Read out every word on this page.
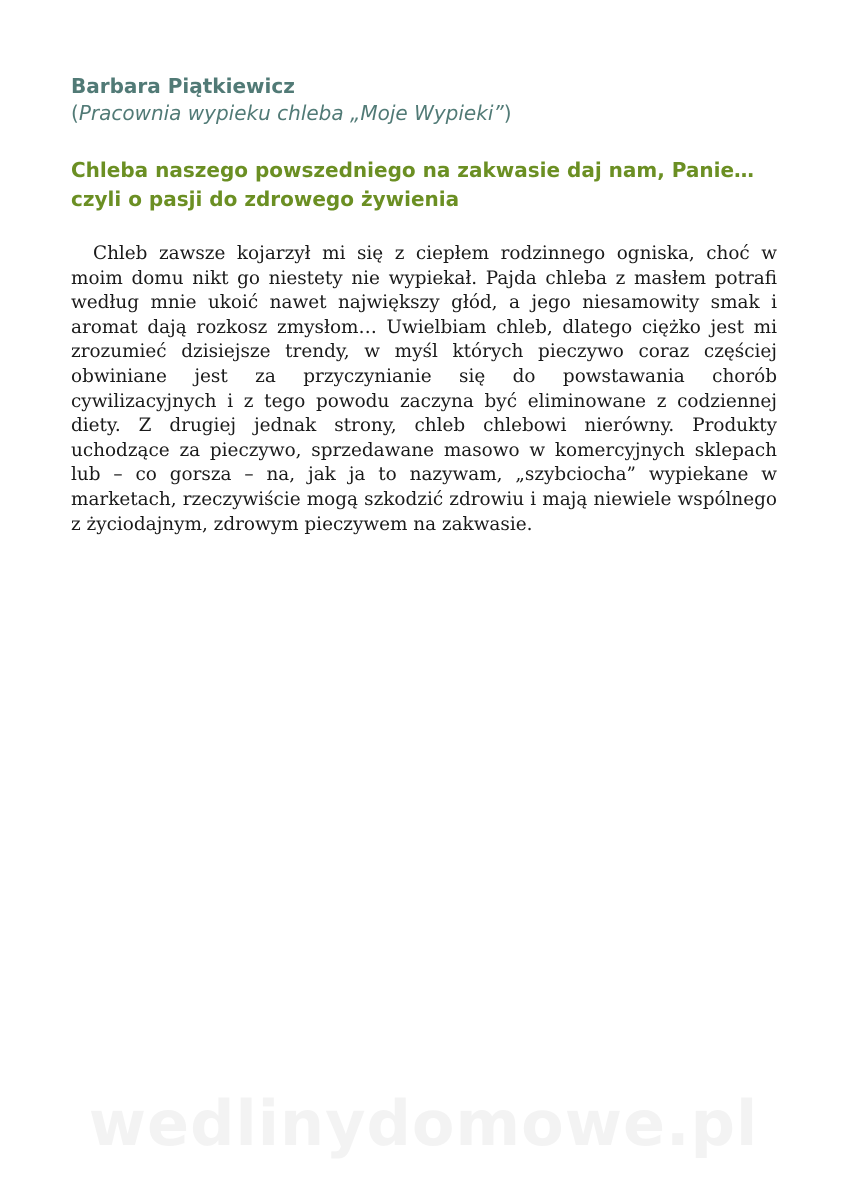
Barbara Piątkiewicz

(Pracownia wypieku chleba „Moje Wypieki”)

Chleba naszego powszedniego na zakwasie daj nam, Panie…

czyli o pasji do zdrowego żywienia

Chleb zawsze kojarzył mi się z ciepłem rodzinnego ogniska, choć w moim domu nikt go niestety nie wypiekał. Pajda chleba z masłem potrafi według mnie ukoić nawet największy głód, a jego niesamowity smak i aromat dają rozkosz zmysłom… Uwielbiam chleb, dlatego ciężko jest mi zrozumieć dzisiejsze trendy, w myśl których pieczywo coraz częściej obwiniane jest za przyczynianie się do powstawania chorób cywilizacyjnych i z tego powodu zaczyna być eliminowane z codziennej diety. Z drugiej jednak strony, chleb chlebowi nierówny. Produkty uchodzące za pieczywo, sprzedawane masowo w komercyjnych sklepach lub – co gorsza – na, jak ja to nazywam, „szybciocha” wypiekane w marketach, rzeczywiście mogą szkodzić zdrowiu i mają niewiele wspólnego z życiodajnym, zdrowym pieczywem na zakwasie.

wedlinydomowe.pl
